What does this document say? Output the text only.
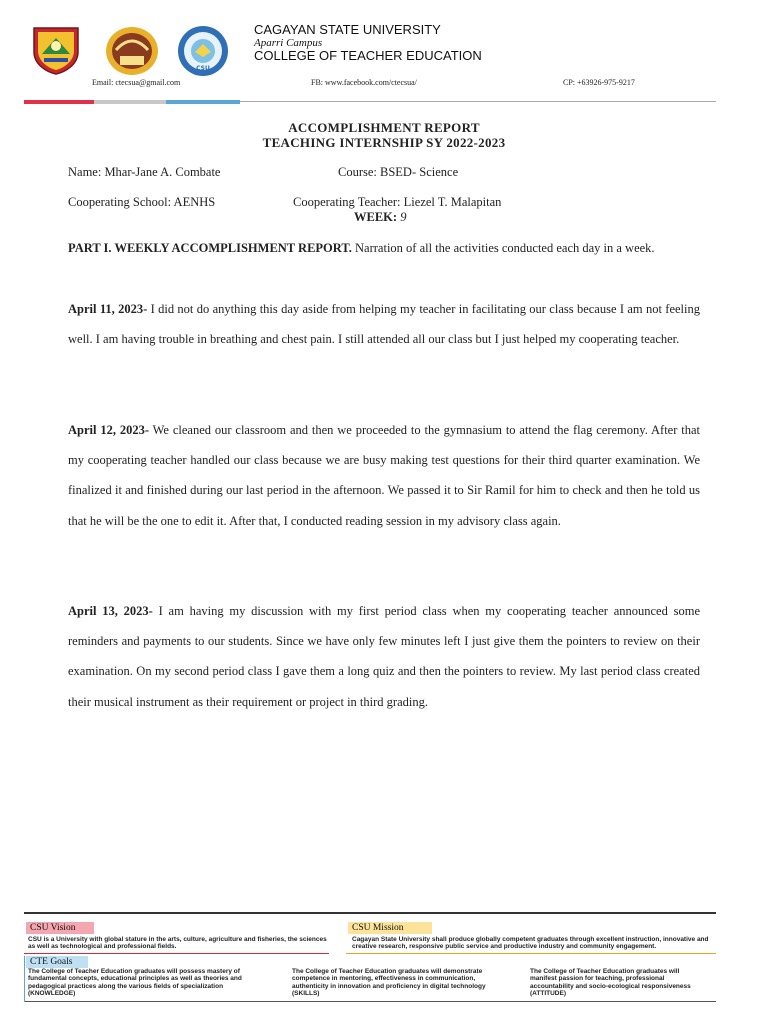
CSU
CAGAYAN STATE UNIVERSITY
Aparri Campus
COLLEGE OF TEACHER EDUCATION
Email: ctecsua@gmail.com	FB: www.facebook.com/ctecsua/	CP: +63926-975-9217
ACCOMPLISHMENT REPORT
TEACHING INTERNSHIP SY 2022-2023
Name: Mhar-Jane A. Combate	Course: BSED- Science
Cooperating School: AENHS	Cooperating Teacher: Liezel T. Malapitan
WEEK: 9
PART I. WEEKLY ACCOMPLISHMENT REPORT. Narration of all the activities conducted each day in a week.
April 11, 2023- I did not do anything this day aside from helping my teacher in facilitating our class because I am not feeling well. I am having trouble in breathing and chest pain. I still attended all our class but I just helped my cooperating teacher.
April 12, 2023- We cleaned our classroom and then we proceeded to the gymnasium to attend the flag ceremony. After that my cooperating teacher handled our class because we are busy making test questions for their third quarter examination. We finalized it and finished during our last period in the afternoon. We passed it to Sir Ramil for him to check and then he told us that he will be the one to edit it. After that, I conducted reading session in my advisory class again.
April 13, 2023- I am having my discussion with my first period class when my cooperating teacher announced some reminders and payments to our students. Since we have only few minutes left I just give them the pointers to review on their examination. On my second period class I gave them a long quiz and then the pointers to review. My last period class created their musical instrument as their requirement or project in third grading.
CSU Vision
CSU is a University with global stature in the arts, culture, agriculture and fisheries, the sciences as well as technological and professional fields.
CSU Mission
Cagayan State University shall produce globally competent graduates through excellent instruction, innovative and creative research, responsive public service and productive industry and community engagement.
CTE Goals
The College of Teacher Education graduates will possess mastery of fundamental concepts, educational principles as well as theories and pedagogical practices along the various fields of specialization (KNOWLEDGE)
The College of Teacher Education graduates will demonstrate competence in mentoring, effectiveness in communication, authenticity in innovation and proficiency in digital technology (SKILLS)
The College of Teacher Education graduates will manifest passion for teaching, professional accountability and socio-ecological responsiveness (ATTITUDE)
